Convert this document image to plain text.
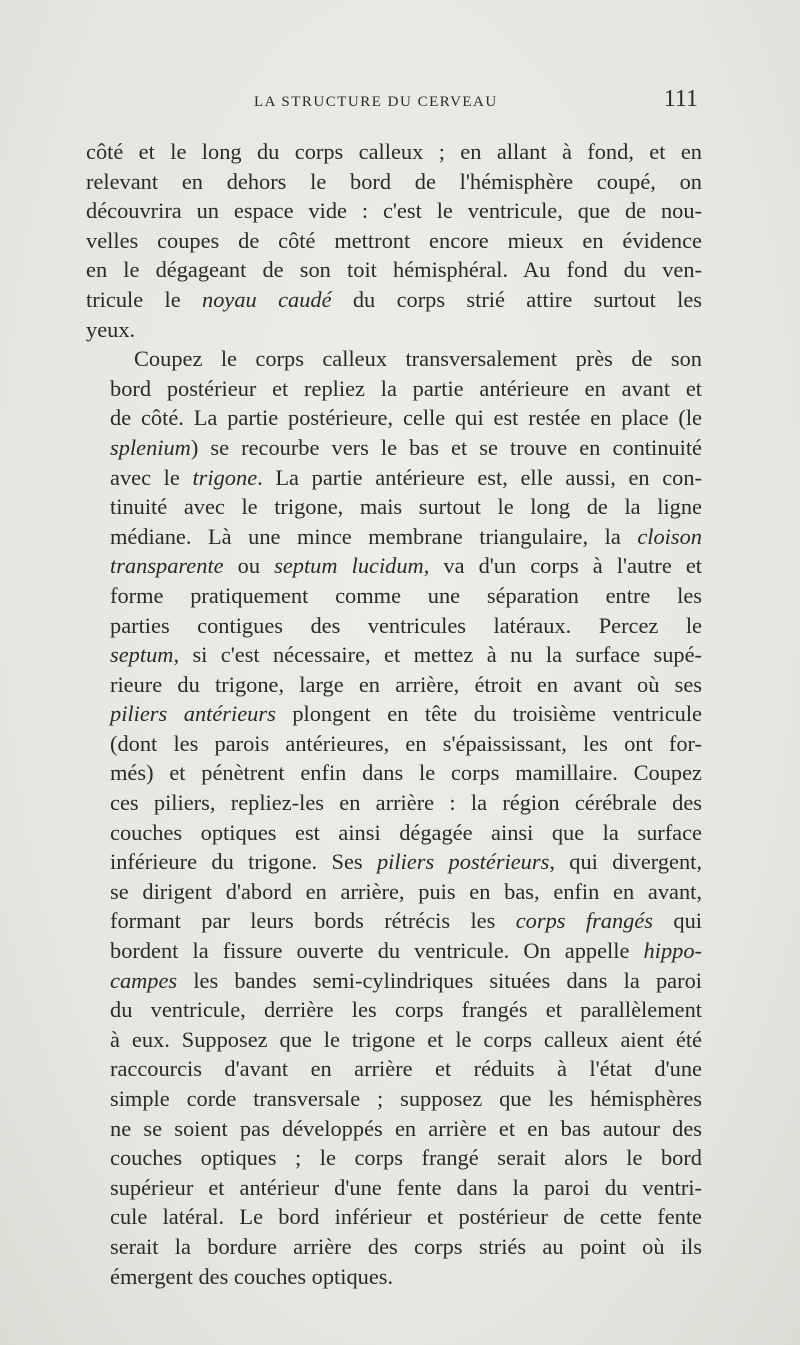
LA STRUCTURE DU CERVEAU	111
côté et le long du corps calleux ; en allant à fond, et en
relevant en dehors le bord de l'hémisphère coupé, on
découvrira un espace vide : c'est le ventricule, que de nou-
velles coupes de côté mettront encore mieux en évidence
en le dégageant de son toit hémisphéral. Au fond du ven-
tricule le noyau caudé du corps strié attire surtout les
yeux.
Coupez le corps calleux transversalement près de son
bord postérieur et repliez la partie antérieure en avant et
de côté. La partie postérieure, celle qui est restée en place (le
splenium) se recourbe vers le bas et se trouve en continuité
avec le trigone. La partie antérieure est, elle aussi, en con-
tinuité avec le trigone, mais surtout le long de la ligne
médiane. Là une mince membrane triangulaire, la cloison
transparente ou septum lucidum, va d'un corps à l'autre et
forme pratiquement comme une séparation entre les
parties contigues des ventricules latéraux. Percez le
septum, si c'est nécessaire, et mettez à nu la surface supé-
rieure du trigone, large en arrière, étroit en avant où ses
piliers antérieurs plongent en tête du troisième ventricule
(dont les parois antérieures, en s'épaississant, les ont for-
més) et pénètrent enfin dans le corps mamillaire. Coupez
ces piliers, repliez-les en arrière : la région cérébrale des
couches optiques est ainsi dégagée ainsi que la surface
inférieure du trigone. Ses piliers postérieurs, qui divergent,
se dirigent d'abord en arrière, puis en bas, enfin en avant,
formant par leurs bords rétrécis les corps frangés qui
bordent la fissure ouverte du ventricule. On appelle hippo-
campes les bandes semi-cylindriques situées dans la paroi
du ventricule, derrière les corps frangés et parallèlement
à eux. Supposez que le trigone et le corps calleux aient été
raccourcis d'avant en arrière et réduits à l'état d'une
simple corde transversale ; supposez que les hémisphères
ne se soient pas développés en arrière et en bas autour des
couches optiques ; le corps frangé serait alors le bord
supérieur et antérieur d'une fente dans la paroi du ventri-
cule latéral. Le bord inférieur et postérieur de cette fente
serait la bordure arrière des corps striés au point où ils
émergent des couches optiques.
